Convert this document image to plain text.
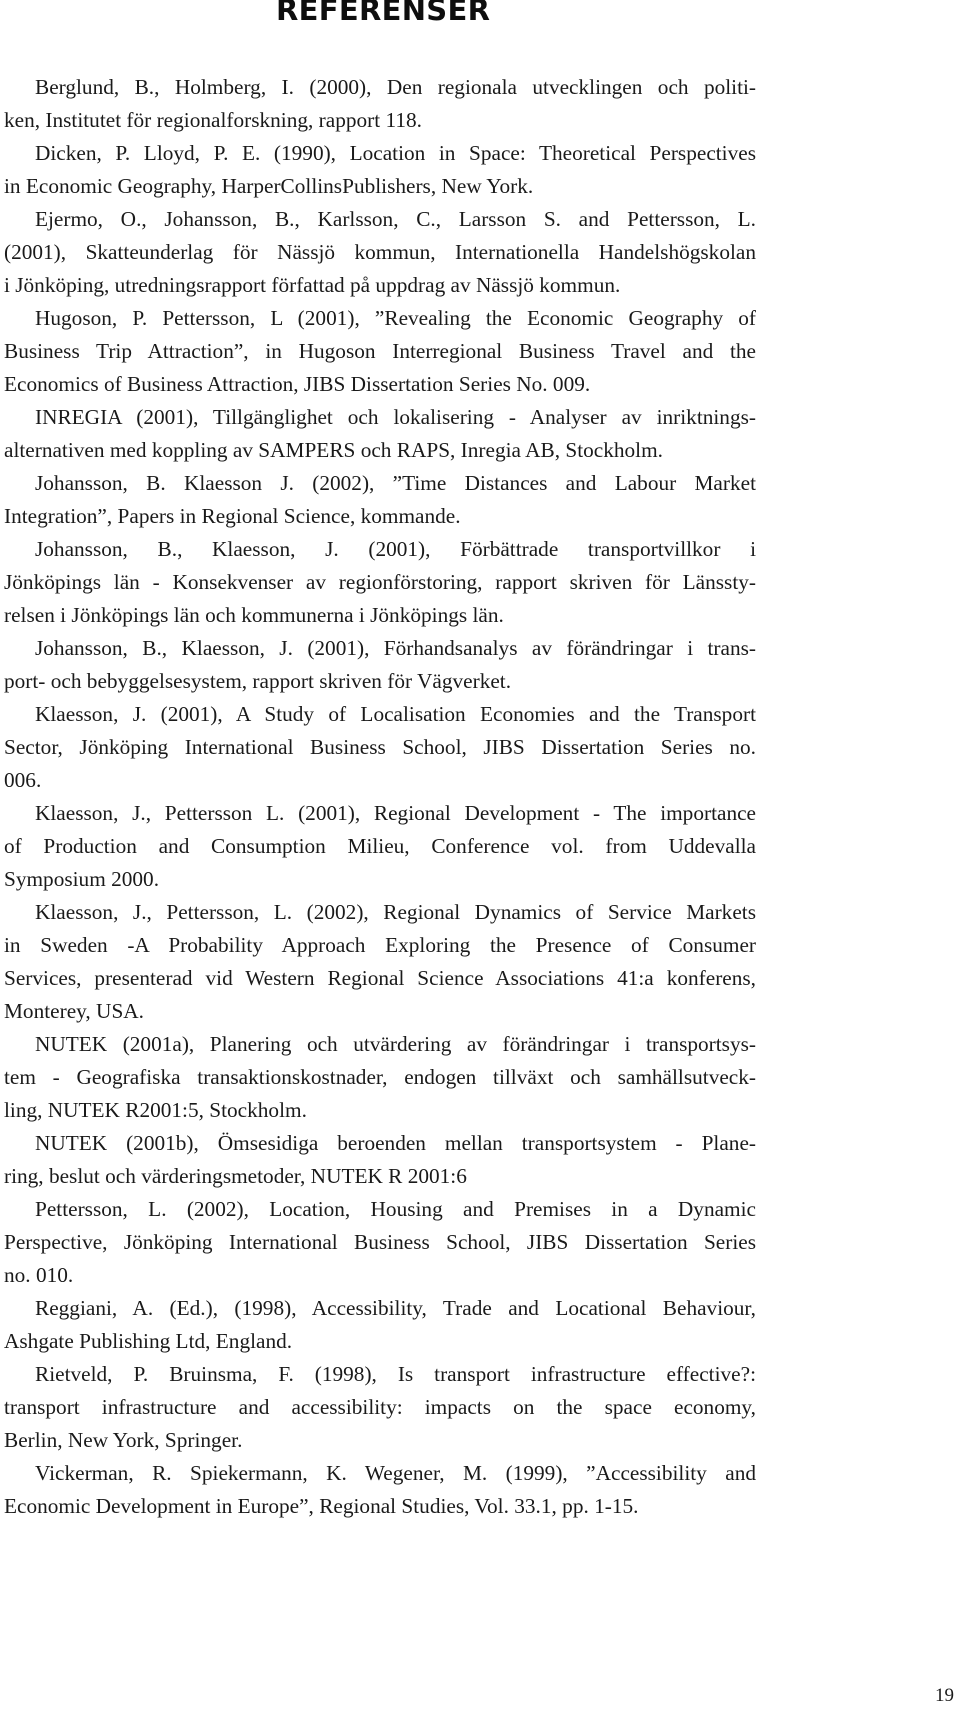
REFERENSER
Berglund, B., Holmberg, I. (2000), Den regionala utvecklingen och politi-
ken, Institutet för regionalforskning, rapport 118.
Dicken, P. Lloyd, P. E. (1990), Location in Space: Theoretical Perspectives
in Economic Geography, HarperCollinsPublishers, New York.
Ejermo, O., Johansson, B., Karlsson, C., Larsson S. and Pettersson, L.
(2001), Skatteunderlag för Nässjö kommun, Internationella Handelshögskolan
i Jönköping, utredningsrapport författad på uppdrag av Nässjö kommun.
Hugoson, P. Pettersson, L (2001), ”Revealing the Economic Geography of
Business Trip Attraction”, in Hugoson Interregional Business Travel and the
Economics of Business Attraction, JIBS Dissertation Series No. 009.
INREGIA (2001), Tillgänglighet och lokalisering - Analyser av inriktnings-
alternativen med koppling av SAMPERS och RAPS, Inregia AB, Stockholm.
Johansson, B. Klaesson J. (2002), ”Time Distances and Labour Market
Integration”, Papers in Regional Science, kommande.
Johansson, B., Klaesson, J. (2001), Förbättrade transportvillkor i
Jönköpings län - Konsekvenser av regionförstoring, rapport skriven för Länssty-
relsen i Jönköpings län och kommunerna i Jönköpings län.
Johansson, B., Klaesson, J. (2001), Förhandsanalys av förändringar i trans-
port- och bebyggelsesystem, rapport skriven för Vägverket.
Klaesson, J. (2001), A Study of Localisation Economies and the Transport
Sector, Jönköping International Business School, JIBS Dissertation Series no.
006.
Klaesson, J., Pettersson L. (2001), Regional Development - The importance
of Production and Consumption Milieu, Conference vol. from Uddevalla
Symposium 2000.
Klaesson, J., Pettersson, L. (2002), Regional Dynamics of Service Markets
in Sweden -A Probability Approach Exploring the Presence of Consumer
Services, presenterad vid Western Regional Science Associations 41:a konferens,
Monterey, USA.
NUTEK (2001a), Planering och utvärdering av förändringar i transportsys-
tem - Geografiska transaktionskostnader, endogen tillväxt och samhällsutveck-
ling, NUTEK R2001:5, Stockholm.
NUTEK (2001b), Ömsesidiga beroenden mellan transportsystem - Plane-
ring, beslut och värderingsmetoder, NUTEK R 2001:6
Pettersson, L. (2002), Location, Housing and Premises in a Dynamic
Perspective, Jönköping International Business School, JIBS Dissertation Series
no. 010.
Reggiani, A. (Ed.), (1998), Accessibility, Trade and Locational Behaviour,
Ashgate Publishing Ltd, England.
Rietveld, P. Bruinsma, F. (1998), Is transport infrastructure effective?:
transport infrastructure and accessibility: impacts on the space economy,
Berlin, New York, Springer.
Vickerman, R. Spiekermann, K. Wegener, M. (1999), ”Accessibility and
Economic Development in Europe”, Regional Studies, Vol. 33.1, pp. 1-15.
19
